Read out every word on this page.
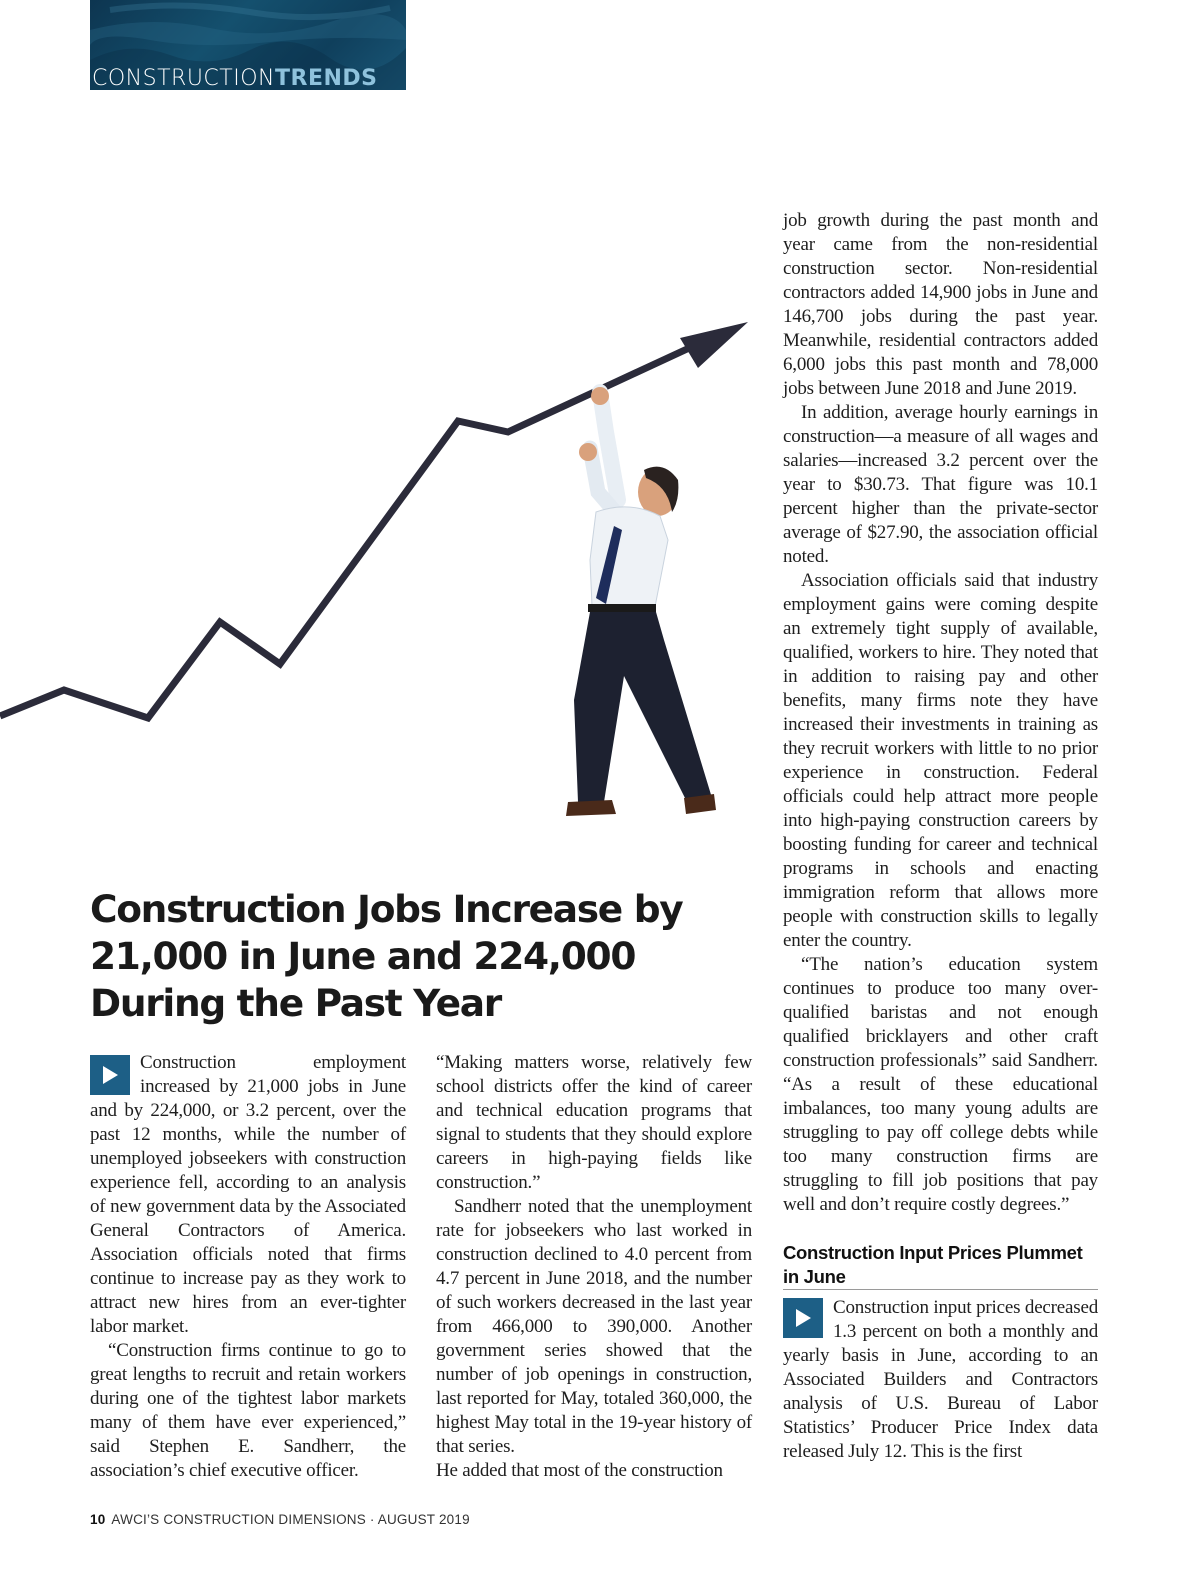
CONSTRUCTIONTRENDS
Construction Jobs Increase by 21,000 in June and 224,000 During the Past Year

Construction employment increased by 21,000 jobs in June and by 224,000, or 3.2 percent, over the past 12 months, while the number of unemployed jobseekers with construction experience fell, according to an analysis of new government data by the Associated General Contractors of America. Association officials noted that firms continue to increase pay as they work to attract new hires from an ever-tighter labor market.

“Construction firms continue to go to great lengths to recruit and retain workers during one of the tightest labor markets many of them have ever experienced,” said Stephen E. Sandherr, the association’s chief executive officer.

“Making matters worse, relatively few school districts offer the kind of career and technical education programs that signal to students that they should explore careers in high-paying fields like construction.”

Sandherr noted that the unemployment rate for jobseekers who last worked in construction declined to 4.0 percent from 4.7 percent in June 2018, and the number of such workers decreased in the last year from 466,000 to 390,000. Another government series showed that the number of job openings in construction, last reported for May, totaled 360,000, the highest May total in the 19-year history of that series.

He added that most of the construction

job growth during the past month and year came from the non-residential construction sector. Non-residential contractors added 14,900 jobs in June and 146,700 jobs during the past year. Meanwhile, residential contractors added 6,000 jobs this past month and 78,000 jobs between June 2018 and June 2019.

In addition, average hourly earnings in construction—a measure of all wages and salaries—increased 3.2 percent over the year to $30.73. That figure was 10.1 percent higher than the private-sector average of $27.90, the association official noted.

Association officials said that industry employment gains were coming despite an extremely tight supply of available, qualified, workers to hire. They noted that in addition to raising pay and other benefits, many firms note they have increased their investments in training as they recruit workers with little to no prior experience in construction. Federal officials could help attract more people into high-paying construction careers by boosting funding for career and technical programs in schools and enacting immigration reform that allows more people with construction skills to legally enter the country.

“The nation’s education system continues to produce too many over-qualified baristas and not enough qualified bricklayers and other craft construction professionals” said Sandherr. “As a result of these educational imbalances, too many young adults are struggling to pay off college debts while too many construction firms are struggling to fill job positions that pay well and don’t require costly degrees.”

Construction Input Prices Plummet in June

Construction input prices decreased 1.3 percent on both a monthly and yearly basis in June, according to an Associated Builders and Contractors analysis of U.S. Bureau of Labor Statistics’ Producer Price Index data released July 12. This is the first

10 AWCI’S CONSTRUCTION DIMENSIONS · AUGUST 2019
